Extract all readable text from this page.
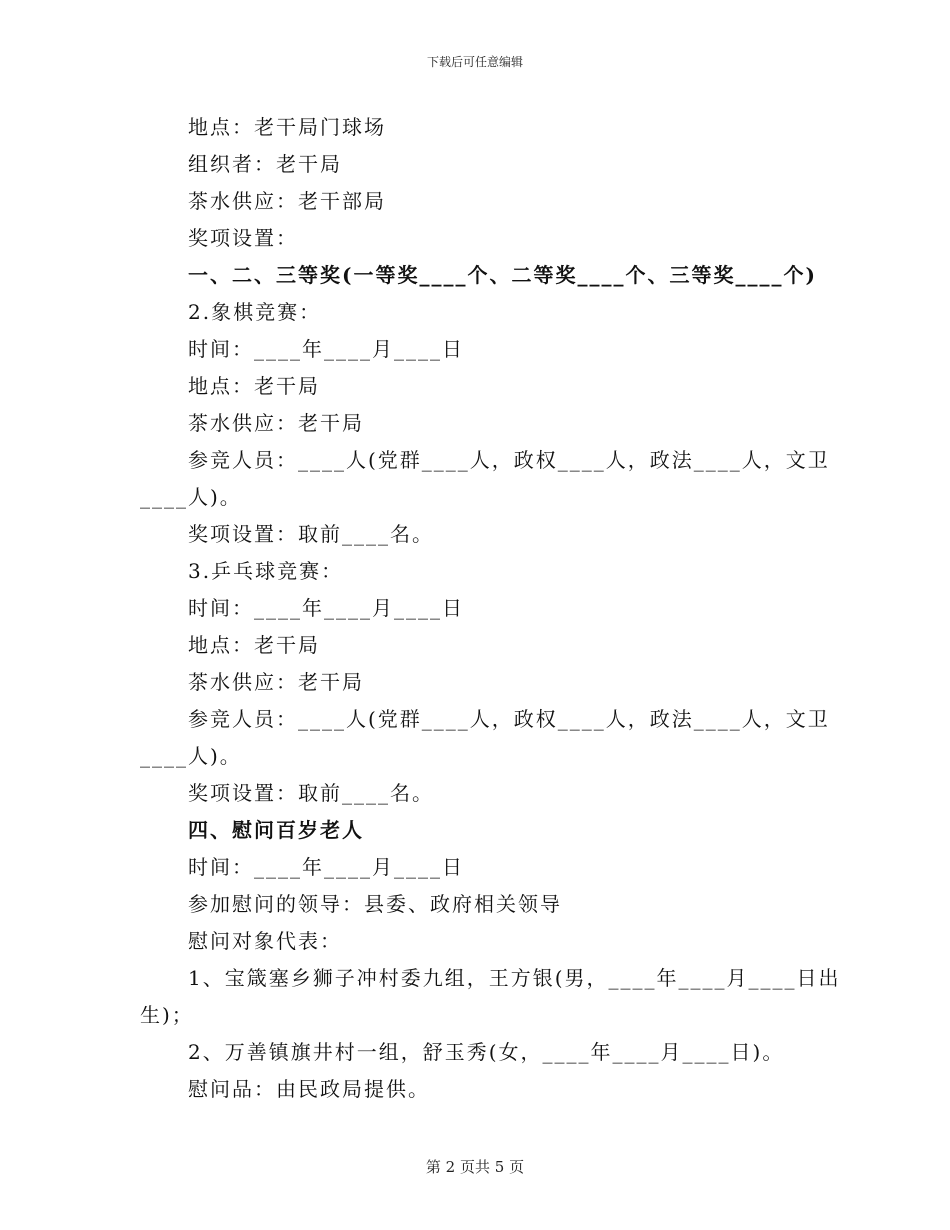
下载后可任意编辑
地点：老干局门球场
组织者：老干局
茶水供应：老干部局
奖项设置：
一、二、三等奖(一等奖____个、二等奖____个、三等奖____个)
2.象棋竞赛：
时间：____年____月____日
地点：老干局
茶水供应：老干局
参竞人员：____人(党群____人，政权____人，政法____人，文卫
____人)。
奖项设置：取前____名。
3.乒乓球竞赛：
时间：____年____月____日
地点：老干局
茶水供应：老干局
参竞人员：____人(党群____人，政权____人，政法____人，文卫
____人)。
奖项设置：取前____名。
四、慰问百岁老人
时间：____年____月____日
参加慰问的领导：县委、政府相关领导
慰问对象代表：
1、宝箴塞乡狮子冲村委九组，王方银(男，____年____月____日出
生)；
2、万善镇旗井村一组，舒玉秀(女，____年____月____日)。
慰问品：由民政局提供。
第 2 页共 5 页
